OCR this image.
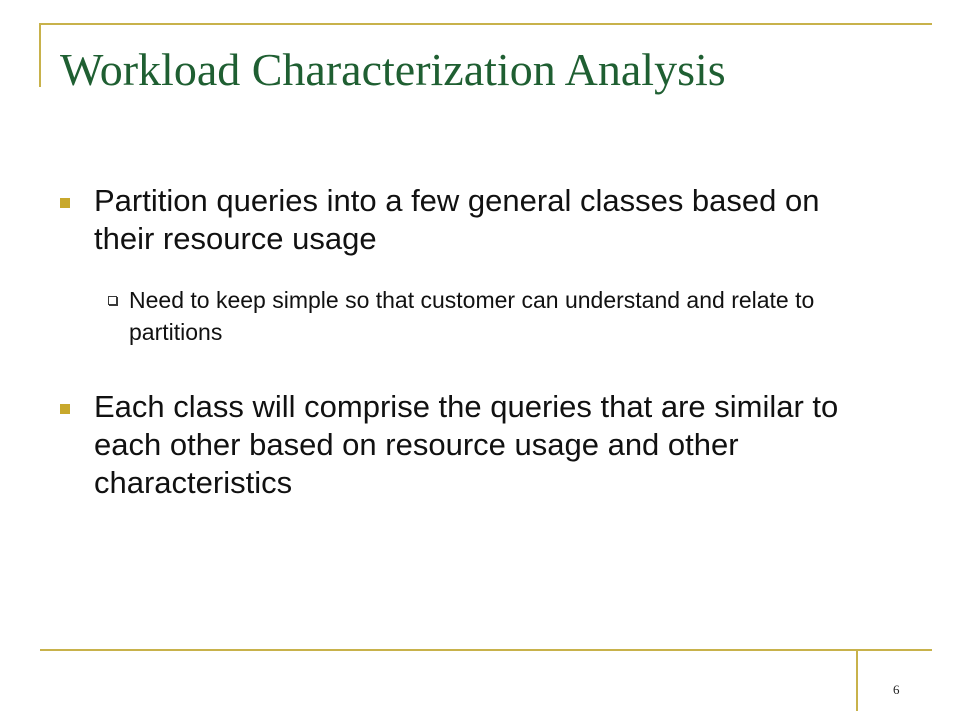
Workload Characterization Analysis
Partition queries into a few general classes based on their resource usage
Need to keep simple so that customer can understand and relate to partitions
Each class will comprise the queries that are similar to each other based on resource usage and other characteristics
6
